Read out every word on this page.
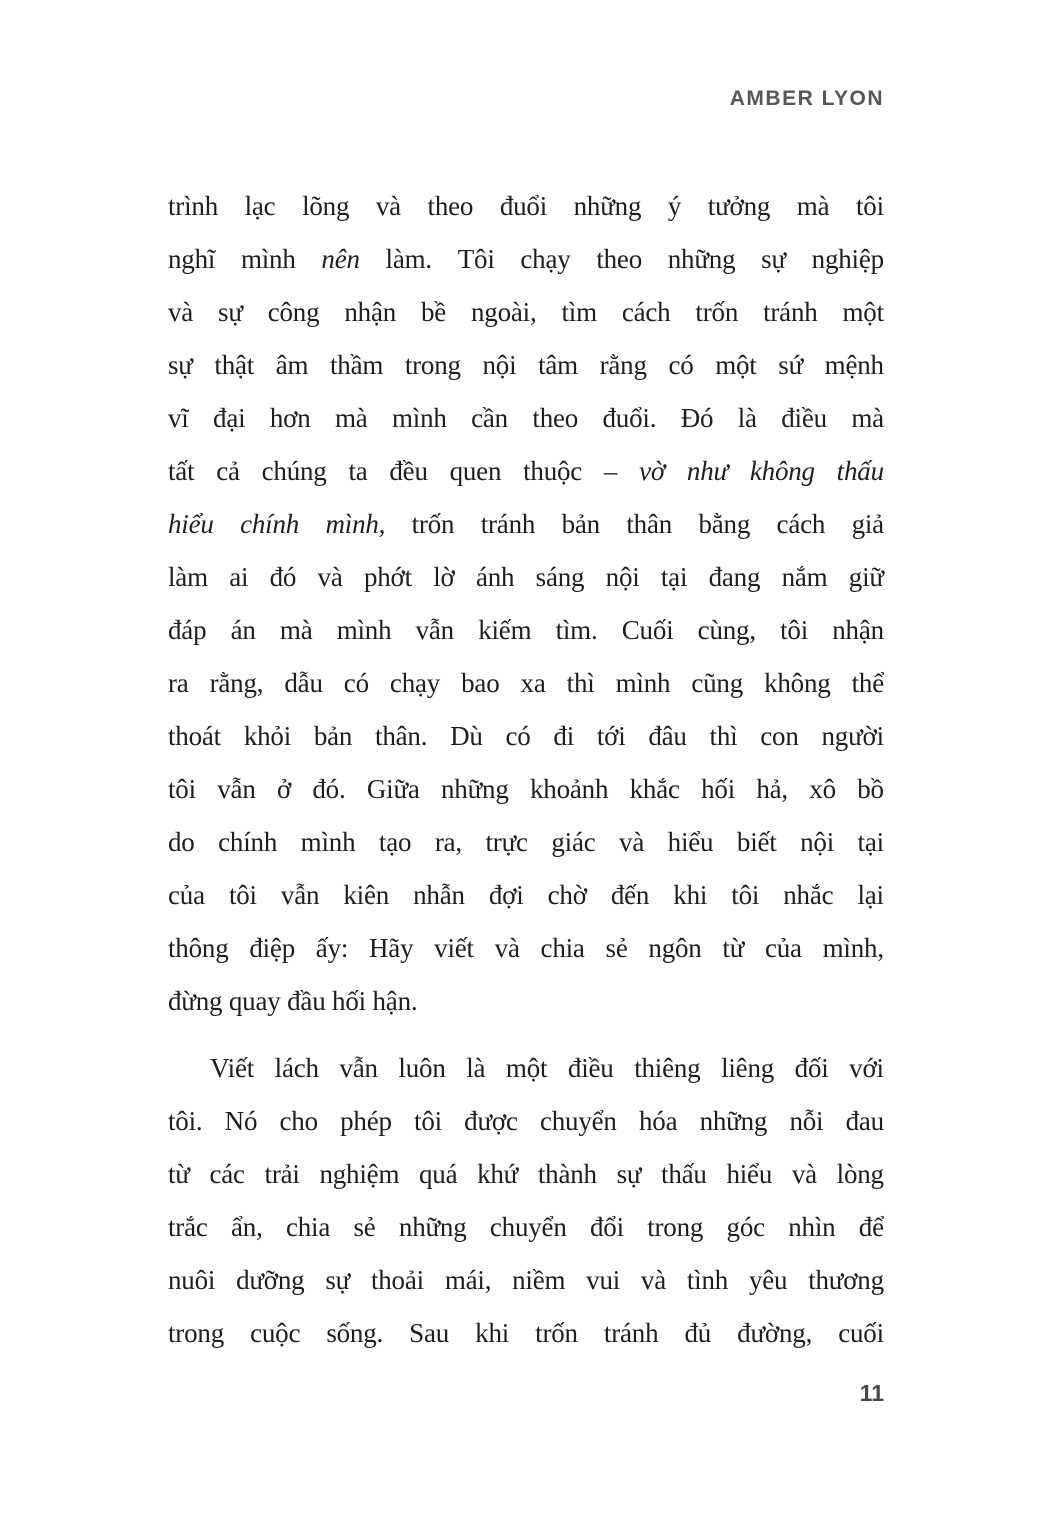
AMBER LYON
trình lạc lõng và theo đuổi những ý tưởng mà tôi
nghĩ mình nên làm. Tôi chạy theo những sự nghiệp
và sự công nhận bề ngoài, tìm cách trốn tránh một
sự thật âm thầm trong nội tâm rằng có một sứ mệnh
vĩ đại hơn mà mình cần theo đuổi. Đó là điều mà
tất cả chúng ta đều quen thuộc – vờ như không thấu
hiểu chính mình, trốn tránh bản thân bằng cách giả
làm ai đó và phớt lờ ánh sáng nội tại đang nắm giữ
đáp án mà mình vẫn kiếm tìm. Cuối cùng, tôi nhận
ra rằng, dẫu có chạy bao xa thì mình cũng không thể
thoát khỏi bản thân. Dù có đi tới đâu thì con người
tôi vẫn ở đó. Giữa những khoảnh khắc hối hả, xô bồ
do chính mình tạo ra, trực giác và hiểu biết nội tại
của tôi vẫn kiên nhẫn đợi chờ đến khi tôi nhắc lại
thông điệp ấy: Hãy viết và chia sẻ ngôn từ của mình,
đừng quay đầu hối hận.
Viết lách vẫn luôn là một điều thiêng liêng đối với
tôi. Nó cho phép tôi được chuyển hóa những nỗi đau
từ các trải nghiệm quá khứ thành sự thấu hiểu và lòng
trắc ẩn, chia sẻ những chuyển đổi trong góc nhìn để
nuôi dưỡng sự thoải mái, niềm vui và tình yêu thương
trong cuộc sống. Sau khi trốn tránh đủ đường, cuối
11
